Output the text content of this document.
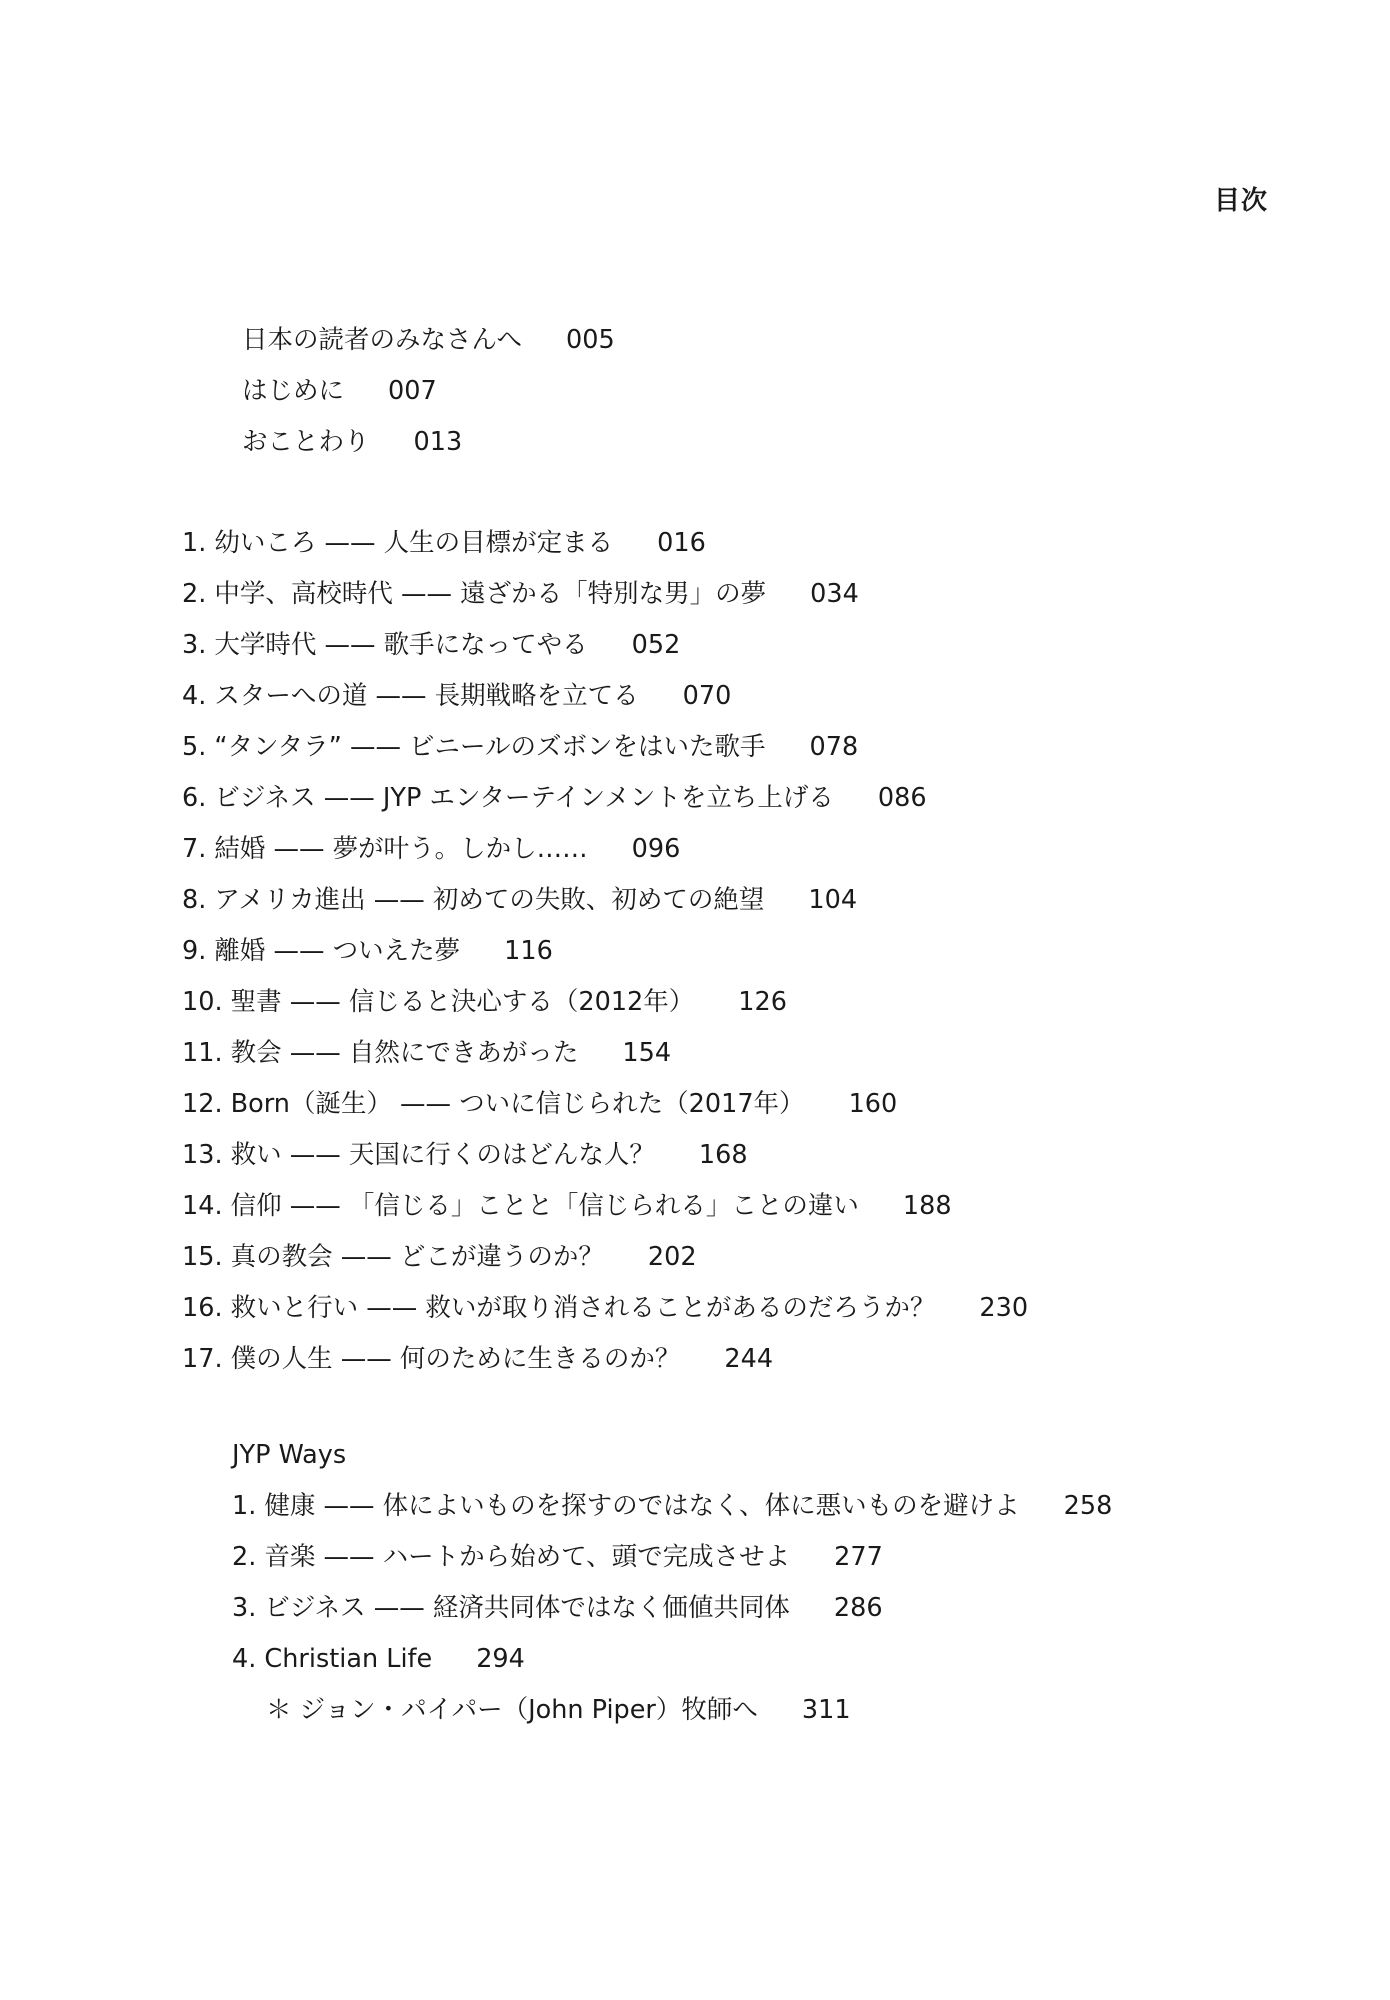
目次
日本の読者のみなさんへ 005
はじめに 007
おことわり 013
1. 幼いころ —— 人生の目標が定まる 016
2. 中学、高校時代 —— 遠ざかる「特別な男」の夢 034
3. 大学時代 —— 歌手になってやる 052
4. スターへの道 —— 長期戦略を立てる 070
5. “タンタラ” —— ビニールのズボンをはいた歌手 078
6. ビジネス —— JYP エンターテインメントを立ち上げる 086
7. 結婚 —— 夢が叶う。しかし…… 096
8. アメリカ進出 —— 初めての失敗、初めての絶望 104
9. 離婚 —— ついえた夢 116
10. 聖書 —— 信じると決心する（2012年） 126
11. 教会 —— 自然にできあがった 154
12. Born（誕生） —— ついに信じられた（2017年） 160
13. 救い —— 天国に行くのはどんな人？ 168
14. 信仰 —— 「信じる」ことと「信じられる」ことの違い 188
15. 真の教会 —— どこが違うのか？ 202
16. 救いと行い —— 救いが取り消されることがあるのだろうか？ 230
17. 僕の人生 —— 何のために生きるのか？ 244
JYP Ways
1. 健康 —— 体によいものを探すのではなく、体に悪いものを避けよ 258
2. 音楽 —— ハートから始めて、頭で完成させよ 277
3. ビジネス —— 経済共同体ではなく価値共同体 286
4. Christian Life 294
＊ ジョン・パイパー（John Piper）牧師へ 311
